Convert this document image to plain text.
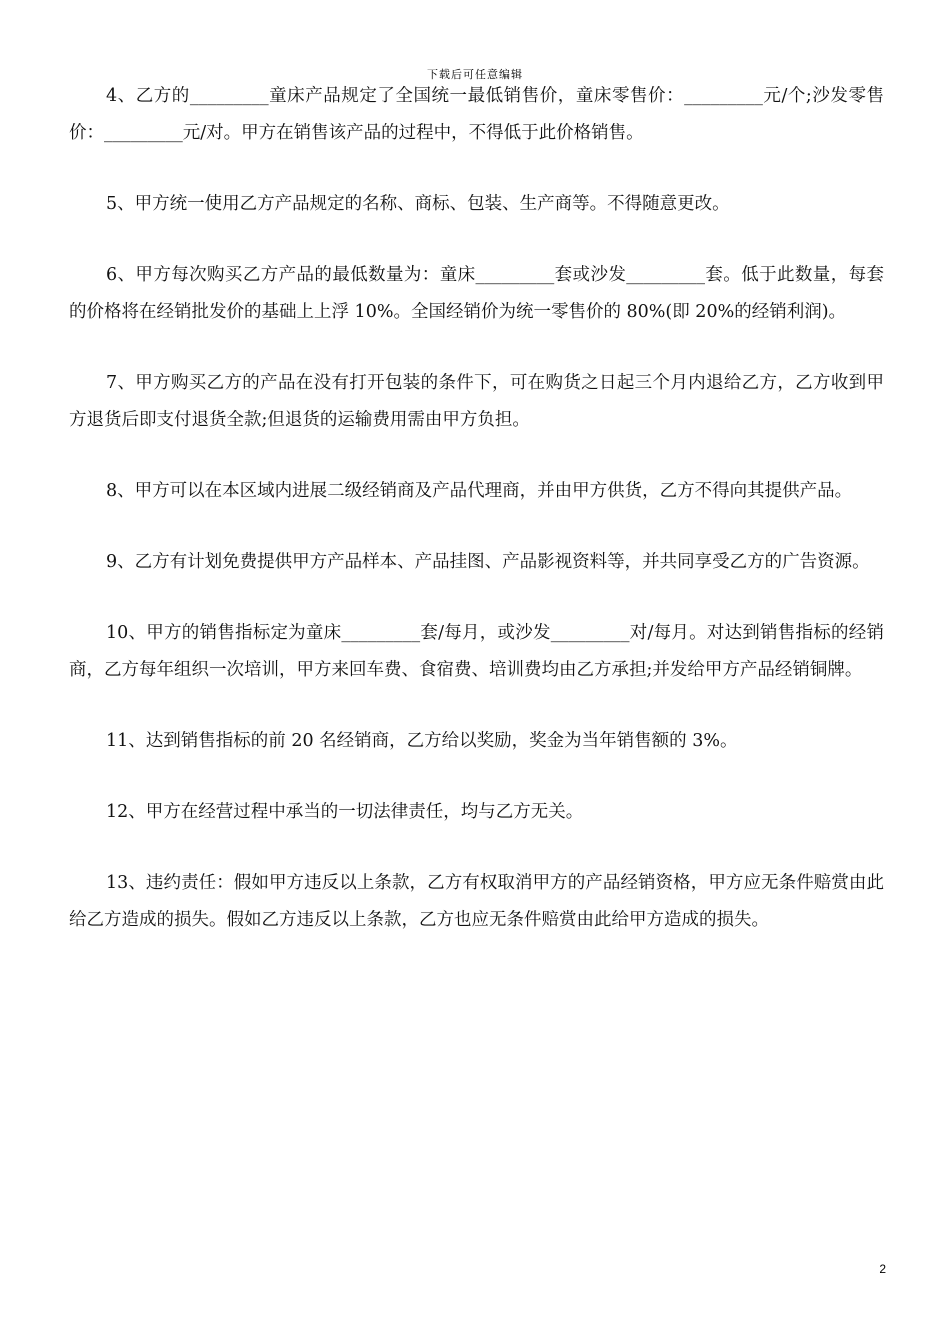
下载后可任意编辑

4、乙方的_________童床产品规定了全国统一最低销售价，童床零售价：_________元/个;沙发零售价：_________元/对。甲方在销售该产品的过程中，不得低于此价格销售。

5、甲方统一使用乙方产品规定的名称、商标、包装、生产商等。不得随意更改。

6、甲方每次购买乙方产品的最低数量为：童床_________套或沙发_________套。低于此数量，每套的价格将在经销批发价的基础上上浮 10%。全国经销价为统一零售价的 80%(即 20%的经销利润)。

7、甲方购买乙方的产品在没有打开包装的条件下，可在购货之日起三个月内退给乙方，乙方收到甲方退货后即支付退货全款;但退货的运输费用需由甲方负担。

8、甲方可以在本区域内进展二级经销商及产品代理商，并由甲方供货，乙方不得向其提供产品。

9、乙方有计划免费提供甲方产品样本、产品挂图、产品影视资料等，并共同享受乙方的广告资源。

10、甲方的销售指标定为童床_________套/每月，或沙发_________对/每月。对达到销售指标的经销商，乙方每年组织一次培训，甲方来回车费、食宿费、培训费均由乙方承担;并发给甲方产品经销铜牌。

11、达到销售指标的前 20 名经销商，乙方给以奖励，奖金为当年销售额的 3%。

12、甲方在经营过程中承当的一切法律责任，均与乙方无关。

13、违约责任：假如甲方违反以上条款，乙方有权取消甲方的产品经销资格，甲方应无条件赔赏由此给乙方造成的损失。假如乙方违反以上条款，乙方也应无条件赔赏由此给甲方造成的损失。

2
